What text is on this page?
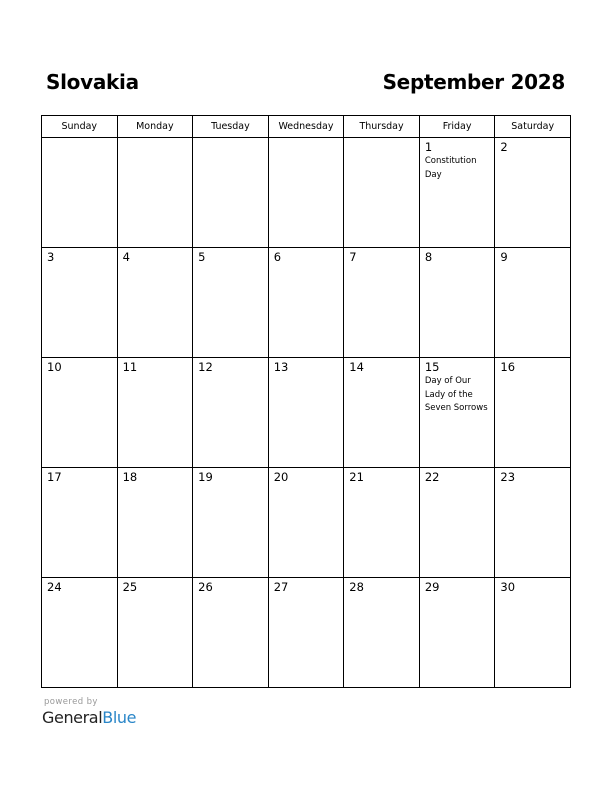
Slovakia	September 2028
Sunday	Monday	Tuesday	Wednesday	Thursday	Friday	Saturday

					1
Constitution Day	2

3	4	5	6	7	8	9

10	11	12	13	14	15
Day of Our Lady of the Seven Sorrows	16

17	18	19	20	21	22	23

24	25	26	27	28	29	30
powered by
GeneralBlue
